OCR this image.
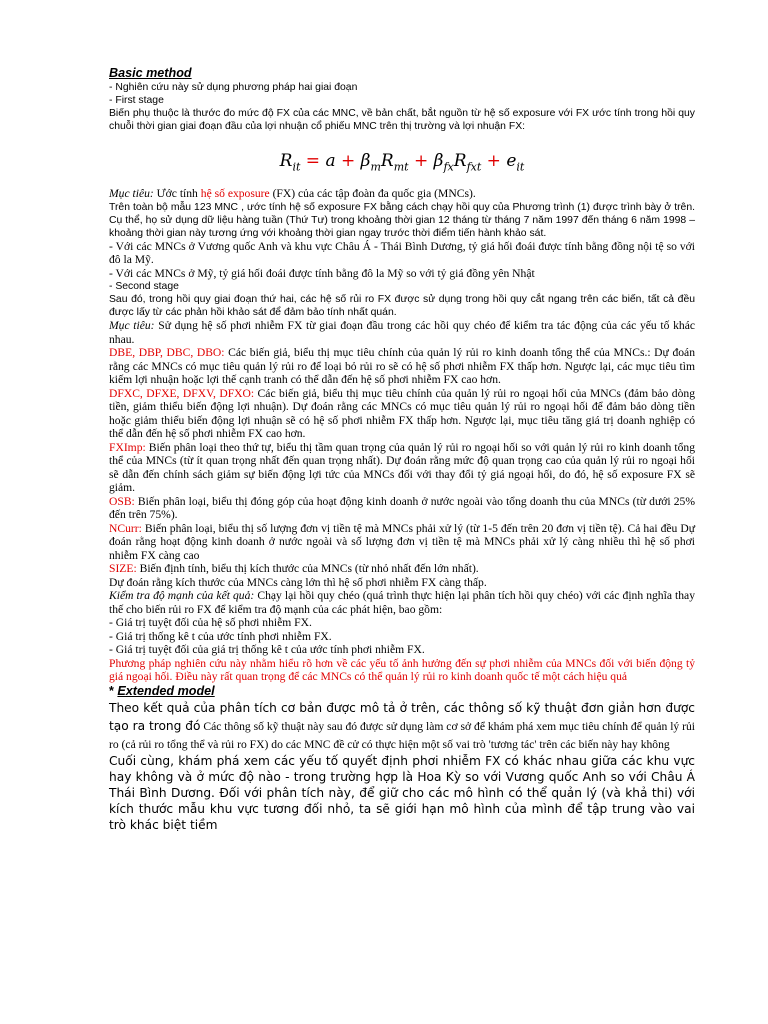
Basic method

- Nghiên cứu này sử dụng phương pháp hai giai đoạn

- First stage

Biến phụ thuộc là thước đo mức độ FX của các MNC, về bản chất, bắt nguồn từ hệ số exposure với FX ước tính trong hồi quy chuỗi thời gian giai đoạn đầu của lợi nhuận cổ phiếu MNC trên thị trường và lợi nhuận FX:

$R_{it} = a + \beta_mR_{mt} + \beta_{fx}R_{fxt} + e_{it}$

Mục tiêu: Ước tính hệ số exposure (FX) của các tập đoàn đa quốc gia (MNCs).

Trên toàn bộ mẫu 123 MNC , ước tính hệ số exposure FX bằng cách chạy hồi quy của Phương trình (1) được trình bày ở trên. Cụ thể, họ sử dụng dữ liệu hàng tuần (Thứ Tư) trong khoảng thời gian 12 tháng từ tháng 7 năm 1997 đến tháng 6 năm 1998 – khoảng thời gian này tương ứng với khoảng thời gian ngay trước thời điểm tiến hành khảo sát.

- Với các MNCs ở Vương quốc Anh và khu vực Châu Á - Thái Bình Dương, tỷ giá hối đoái được tính bằng đồng nội tệ so với đô la Mỹ.

- Với các MNCs ở Mỹ, tỷ giá hối đoái được tính bằng đô la Mỹ so với tỷ giá đồng yên Nhật

- Second stage

Sau đó, trong hồi quy giai đoạn thứ hai, các hệ số rủi ro FX được sử dụng trong hồi quy cắt ngang trên các biến, tất cả đều được lấy từ các phản hồi khảo sát để đảm bảo tính nhất quán.

Mục tiêu: Sử dụng hệ số phơi nhiễm FX từ giai đoạn đầu trong các hồi quy chéo để kiểm tra tác động của các yếu tố khác nhau.

DBE, DBP, DBC, DBO: Các biến giả, biểu thị mục tiêu chính của quản lý rủi ro kinh doanh tổng thể của MNCs.: Dự đoán rằng các MNCs có mục tiêu quản lý rủi ro để loại bỏ rủi ro sẽ có hệ số phơi nhiễm FX thấp hơn. Ngược lại, các mục tiêu tìm kiếm lợi nhuận hoặc lợi thế cạnh tranh có thể dẫn đến hệ số phơi nhiễm FX cao hơn.

DFXC, DFXE, DFXV, DFXO: Các biến giả, biểu thị mục tiêu chính của quản lý rủi ro ngoại hối của MNCs (đảm bảo dòng tiền, giảm thiểu biến động lợi nhuận). Dự đoán rằng các MNCs có mục tiêu quản lý rủi ro ngoại hối để đảm bảo dòng tiền hoặc giảm thiểu biến động lợi nhuận sẽ có hệ số phơi nhiễm FX thấp hơn. Ngược lại, mục tiêu tăng giá trị doanh nghiệp có thể dẫn đến hệ số phơi nhiễm FX cao hơn.

FXImp: Biến phân loại theo thứ tự, biểu thị tầm quan trọng của quản lý rủi ro ngoại hối so với quản lý rủi ro kinh doanh tổng thể của MNCs (từ ít quan trọng nhất đến quan trọng nhất). Dự đoán rằng mức độ quan trọng cao của quản lý rủi ro ngoại hối sẽ dẫn đến chính sách giảm sự biến động lợi tức của MNCs đối với thay đổi tỷ giá ngoại hối, do đó, hệ số exposure FX sẽ giảm.

OSB: Biến phân loại, biểu thị đóng góp của hoạt động kinh doanh ở nước ngoài vào tổng doanh thu của MNCs (từ dưới 25% đến trên 75%).

NCurr: Biến phân loại, biểu thị số lượng đơn vị tiền tệ mà MNCs phải xử lý (từ 1-5 đến trên 20 đơn vị tiền tệ). Cả hai đều Dự đoán rằng hoạt động kinh doanh ở nước ngoài và số lượng đơn vị tiền tệ mà MNCs phải xử lý càng nhiều thì hệ số phơi nhiễm FX càng cao

SIZE: Biến định tính, biểu thị kích thước của MNCs (từ nhỏ nhất đến lớn nhất).

Dự đoán rằng kích thước của MNCs càng lớn thì hệ số phơi nhiễm FX càng thấp.

Kiểm tra độ mạnh của kết quả: Chạy lại hồi quy chéo (quá trình thực hiện lại phân tích hồi quy chéo) với các định nghĩa thay thế cho biến rủi ro FX để kiểm tra độ mạnh của các phát hiện, bao gồm:

- Giá trị tuyệt đối của hệ số phơi nhiễm FX.

- Giá trị thống kê t của ước tính phơi nhiễm FX.

- Giá trị tuyệt đối của giá trị thống kê t của ước tính phơi nhiễm FX.

Phương pháp nghiên cứu này nhằm hiểu rõ hơn về các yếu tố ảnh hưởng đến sự phơi nhiễm của MNCs đối với biến động tỷ giá ngoại hối. Điều này rất quan trọng để các MNCs có thể quản lý rủi ro kinh doanh quốc tế một cách hiệu quả

* Extended model

Theo kết quả của phân tích cơ bản được mô tả ở trên, các thông số kỹ thuật đơn giản hơn được tạo ra trong đó Các thông số kỹ thuật này sau đó được sử dụng làm cơ sở để khám phá xem mục tiêu chính để quản lý rủi ro (cả rủi ro tổng thể và rủi ro FX) do các MNC đề cử có thực hiện một số vai trò 'tương tác' trên các biến này hay không

Cuối cùng, khám phá xem các yếu tố quyết định phơi nhiễm FX có khác nhau giữa các khu vực hay không và ở mức độ nào - trong trường hợp là Hoa Kỳ so với Vương quốc Anh so với Châu Á Thái Bình Dương. Đối với phân tích này, để giữ cho các mô hình có thể quản lý (và khả thi) với kích thước mẫu khu vực tương đối nhỏ, ta sẽ giới hạn mô hình của mình để tập trung vào vai trò khác biệt tiềm
